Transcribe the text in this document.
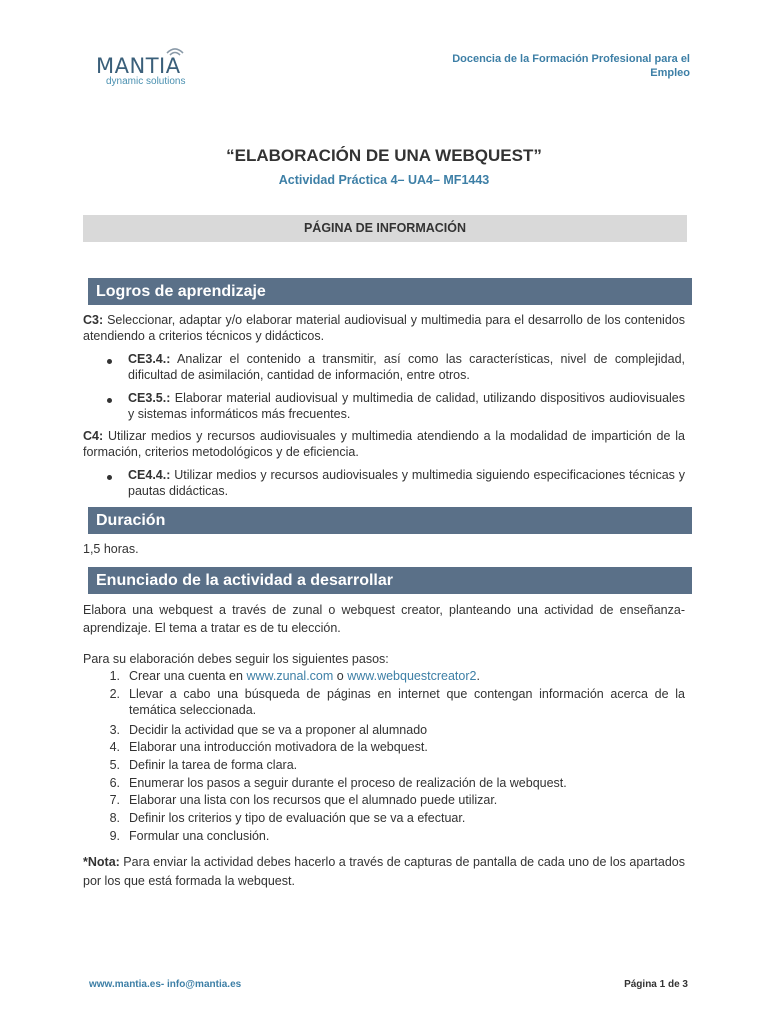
MANTIA
dynamic solutions
Docencia de la Formación Profesional para el
Empleo
“ELABORACIÓN DE UNA WEBQUEST”
Actividad Práctica 4– UA4– MF1443
PÁGINA DE INFORMACIÓN
Logros de aprendizaje
C3: Seleccionar, adaptar y/o elaborar material audiovisual y multimedia para el desarrollo de los contenidos atendiendo a criterios técnicos y didácticos.
CE3.4.: Analizar el contenido a transmitir, así como las características, nivel de complejidad, dificultad de asimilación, cantidad de información, entre otros.
CE3.5.: Elaborar material audiovisual y multimedia de calidad, utilizando dispositivos audiovisuales y sistemas informáticos más frecuentes.
C4: Utilizar medios y recursos audiovisuales y multimedia atendiendo a la modalidad de impartición de la formación, criterios metodológicos y de eficiencia.
CE4.4.: Utilizar medios y recursos audiovisuales y multimedia siguiendo especificaciones técnicas y pautas didácticas.
Duración
1,5 horas.
Enunciado de la actividad a desarrollar
Elabora una webquest a través de zunal o webquest creator, planteando una actividad de enseñanza-aprendizaje. El tema a tratar es de tu elección.
Para su elaboración debes seguir los siguientes pasos:
1. Crear una cuenta en www.zunal.com o www.webquestcreator2.
2. Llevar a cabo una búsqueda de páginas en internet que contengan información acerca de la temática seleccionada.
3. Decidir la actividad que se va a proponer al alumnado
4. Elaborar una introducción motivadora de la webquest.
5. Definir la tarea de forma clara.
6. Enumerar los pasos a seguir durante el proceso de realización de la webquest.
7. Elaborar una lista con los recursos que el alumnado puede utilizar.
8. Definir los criterios y tipo de evaluación que se va a efectuar.
9. Formular una conclusión.
*Nota: Para enviar la actividad debes hacerlo a través de capturas de pantalla de cada uno de los apartados por los que está formada la webquest.
www.mantia.es- info@mantia.es	Página 1 de 3
